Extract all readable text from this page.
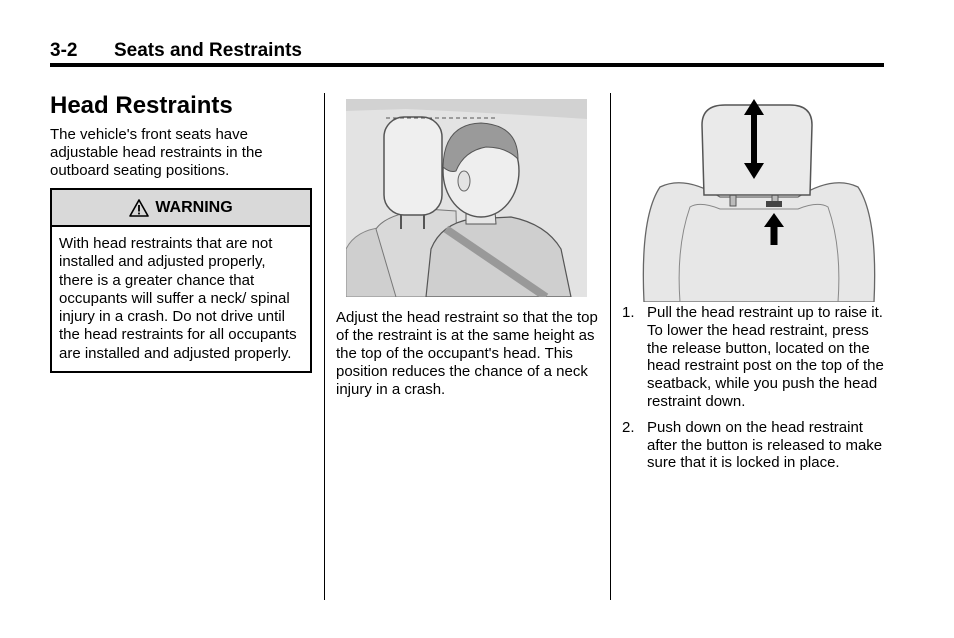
3-2 Seats and Restraints
Head Restraints

The vehicle's front seats have adjustable head restraints in the outboard seating positions.

WARNING
With head restraints that are not installed and adjusted properly, there is a greater chance that occupants will suffer a neck/ spinal injury in a crash. Do not drive until the head restraints for all occupants are installed and adjusted properly.

Adjust the head restraint so that the top of the restraint is at the same height as the top of the occupant's head. This position reduces the chance of a neck injury in a crash.

1. Pull the head restraint up to raise it. To lower the head restraint, press the release button, located on the head restraint post on the top of the seatback, while you push the head restraint down.
2. Push down on the head restraint after the button is released to make sure that it is locked in place.
